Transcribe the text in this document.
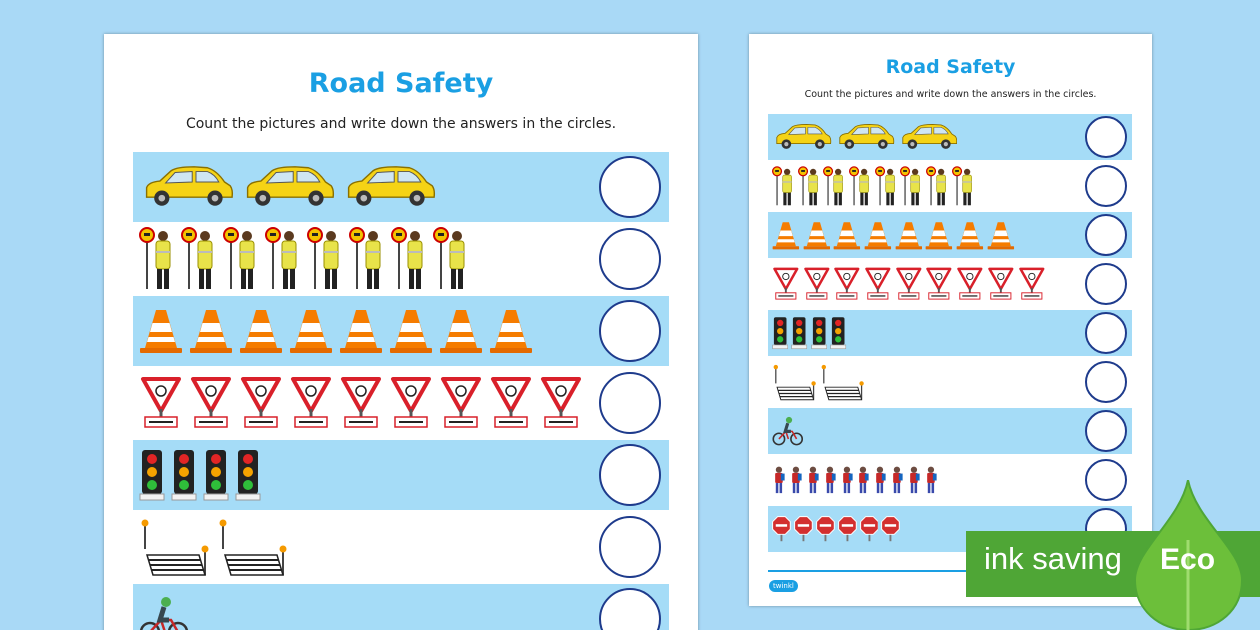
Road Safety
Count the pictures and write down the answers in the circles.
Road Safety
Count the pictures and write down the answers in the circles.
twinkl
ink saving Eco
